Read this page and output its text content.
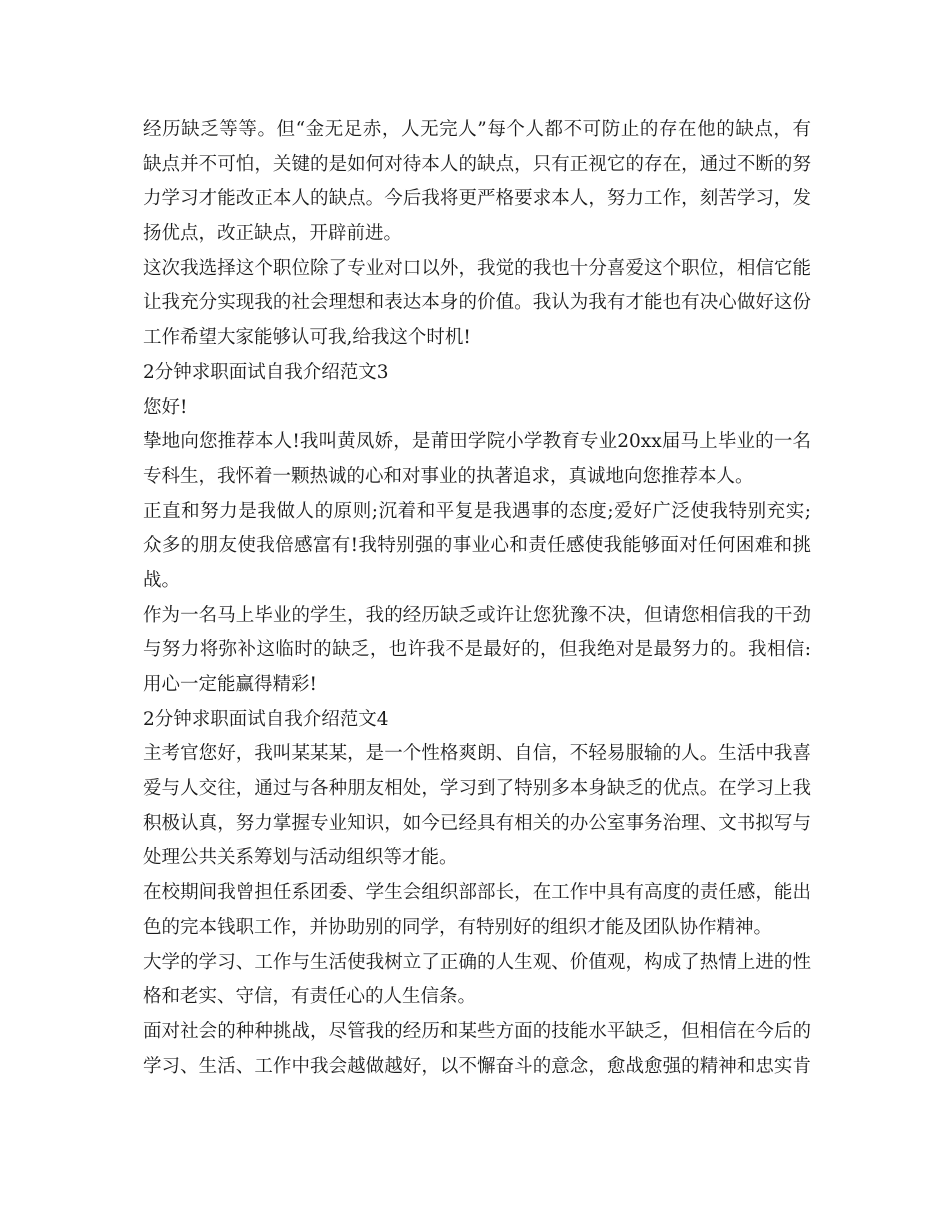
经历缺乏等等。但“金无足赤，人无完人”每个人都不可防止的存在他的缺点，有
缺点并不可怕，关键的是如何对待本人的缺点，只有正视它的存在，通过不断的努
力学习才能改正本人的缺点。今后我将更严格要求本人，努力工作，刻苦学习，发
扬优点，改正缺点，开辟前进。
这次我选择这个职位除了专业对口以外，我觉的我也十分喜爱这个职位，相信它能
让我充分实现我的社会理想和表达本身的价值。我认为我有才能也有决心做好这份
工作希望大家能够认可我,给我这个时机!
2分钟求职面试自我介绍范文3
您好!
挚地向您推荐本人!我叫黄凤娇，是莆田学院小学教育专业20xx届马上毕业的一名
专科生，我怀着一颗热诚的心和对事业的执著追求，真诚地向您推荐本人。
正直和努力是我做人的原则;沉着和平复是我遇事的态度;爱好广泛使我特别充实;
众多的朋友使我倍感富有!我特别强的事业心和责任感使我能够面对任何困难和挑
战。
作为一名马上毕业的学生，我的经历缺乏或许让您犹豫不决，但请您相信我的干劲
与努力将弥补这临时的缺乏，也许我不是最好的，但我绝对是最努力的。我相信:
用心一定能赢得精彩!
2分钟求职面试自我介绍范文4
主考官您好，我叫某某某，是一个性格爽朗、自信，不轻易服输的人。生活中我喜
爱与人交往，通过与各种朋友相处，学习到了特别多本身缺乏的优点。在学习上我
积极认真，努力掌握专业知识，如今已经具有相关的办公室事务治理、文书拟写与
处理公共关系筹划与活动组织等才能。
在校期间我曾担任系团委、学生会组织部部长，在工作中具有高度的责任感，能出
色的完本钱职工作，并协助别的同学，有特别好的组织才能及团队协作精神。
大学的学习、工作与生活使我树立了正确的人生观、价值观，构成了热情上进的性
格和老实、守信，有责任心的人生信条。
面对社会的种种挑战，尽管我的经历和某些方面的技能水平缺乏，但相信在今后的
学习、生活、工作中我会越做越好，以不懈奋斗的意念，愈战愈强的精神和忠实肯
